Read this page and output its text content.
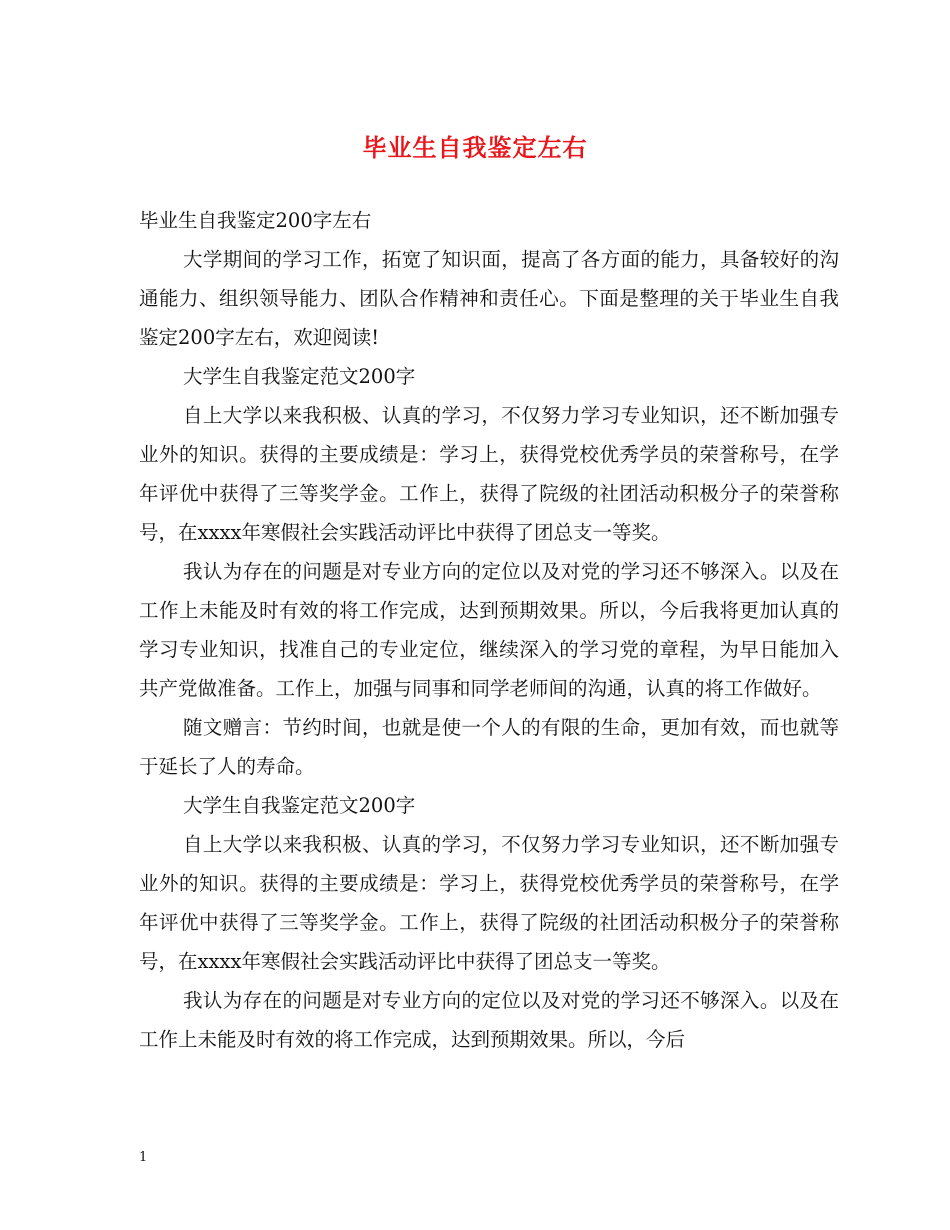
毕业生自我鉴定左右

毕业生自我鉴定200字左右

大学期间的学习工作，拓宽了知识面，提高了各方面的能力，具备较好的沟通能力、组织领导能力、团队合作精神和责任心。下面是整理的关于毕业生自我鉴定200字左右，欢迎阅读!

大学生自我鉴定范文200字

自上大学以来我积极、认真的学习，不仅努力学习专业知识，还不断加强专业外的知识。获得的主要成绩是：学习上，获得党校优秀学员的荣誉称号，在学年评优中获得了三等奖学金。工作上，获得了院级的社团活动积极分子的荣誉称号，在xxxx年寒假社会实践活动评比中获得了团总支一等奖。

我认为存在的问题是对专业方向的定位以及对党的学习还不够深入。以及在工作上未能及时有效的将工作完成，达到预期效果。所以，今后我将更加认真的学习专业知识，找准自己的专业定位，继续深入的学习党的章程，为早日能加入共产党做准备。工作上，加强与同事和同学老师间的沟通，认真的将工作做好。

随文赠言：节约时间，也就是使一个人的有限的生命，更加有效，而也就等于延长了人的寿命。

大学生自我鉴定范文200字

自上大学以来我积极、认真的学习，不仅努力学习专业知识，还不断加强专业外的知识。获得的主要成绩是：学习上，获得党校优秀学员的荣誉称号，在学年评优中获得了三等奖学金。工作上，获得了院级的社团活动积极分子的荣誉称号，在xxxx年寒假社会实践活动评比中获得了团总支一等奖。

我认为存在的问题是对专业方向的定位以及对党的学习还不够深入。以及在工作上未能及时有效的将工作完成，达到预期效果。所以，今后

1
